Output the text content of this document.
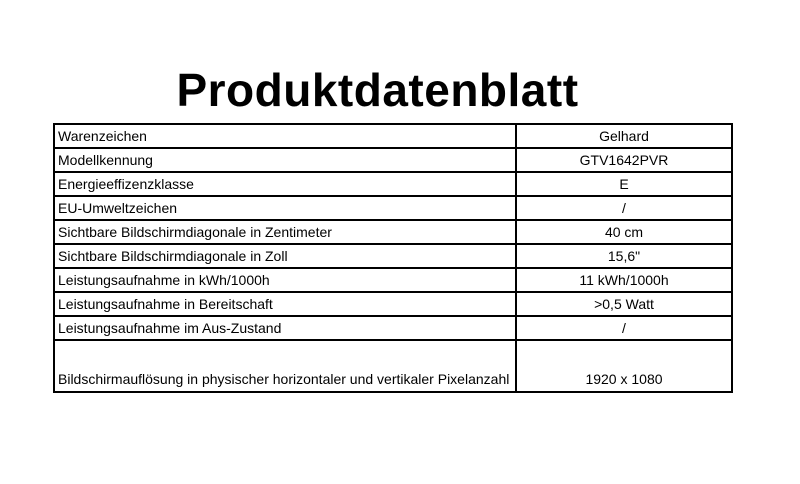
Produktdatenblatt
Warenzeichen	Gelhard
Modellkennung	GTV1642PVR
Energieeffizenzklasse	E
EU-Umweltzeichen	/
Sichtbare Bildschirmdiagonale in Zentimeter	40 cm
Sichtbare Bildschirmdiagonale in Zoll	15,6"
Leistungsaufnahme in kWh/1000h	11 kWh/1000h
Leistungsaufnahme in Bereitschaft	>0,5 Watt
Leistungsaufnahme im Aus-Zustand	/
Bildschirmauflösung in physischer horizontaler und vertikaler Pixelanzahl	1920 x 1080
